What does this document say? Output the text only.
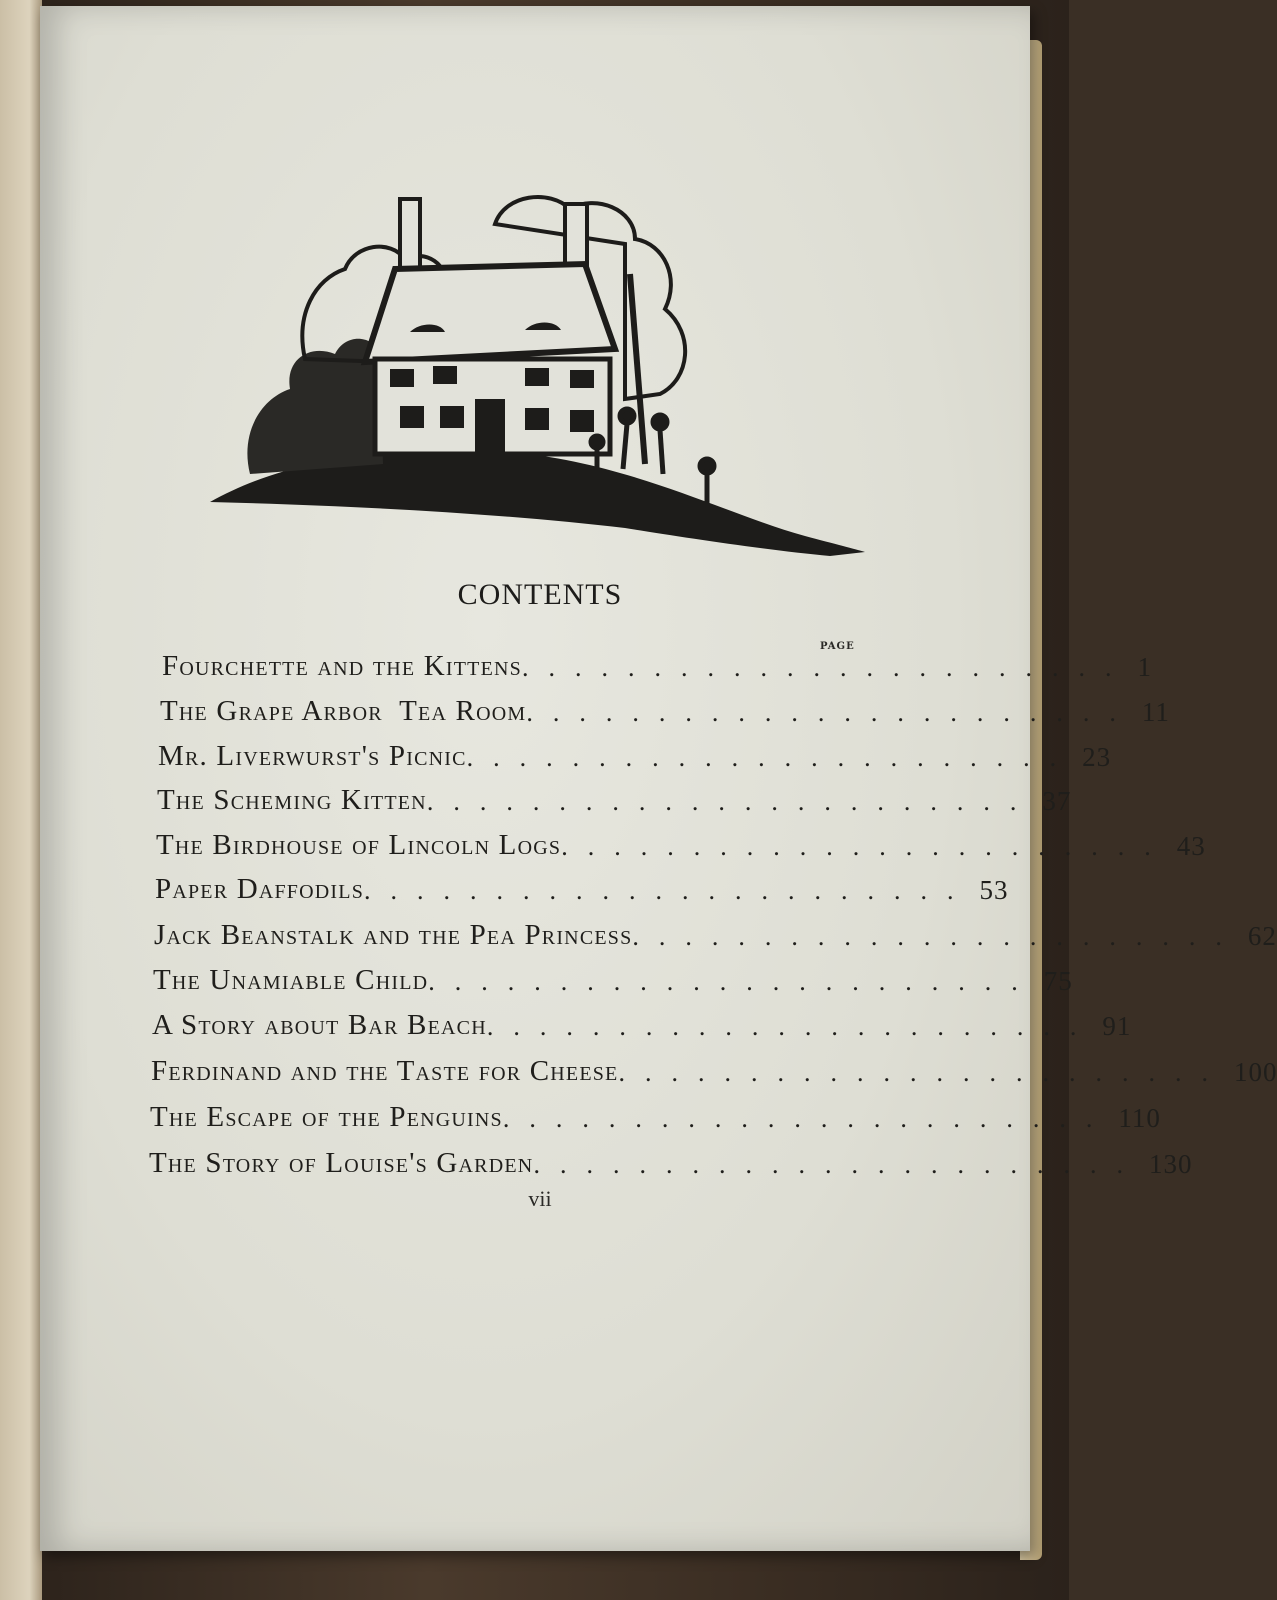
CONTENTS
PAGE
Fourchette and the Kittens ....................... 1
The Grape Arbor  Tea Room ....................... 11
Mr. Liverwurst's Picnic ....................... 23
The Scheming Kitten ....................... 37
The Birdhouse of Lincoln Logs ....................... 43
Paper Daffodils ....................... 53
Jack Beanstalk and the Pea Princess ....................... 62
The Unamiable Child ....................... 75
A Story about Bar Beach ....................... 91
Ferdinand and the Taste for Cheese ....................... 100
The Escape of the Penguins ....................... 110
The Story of Louise's Garden ....................... 130
vii
